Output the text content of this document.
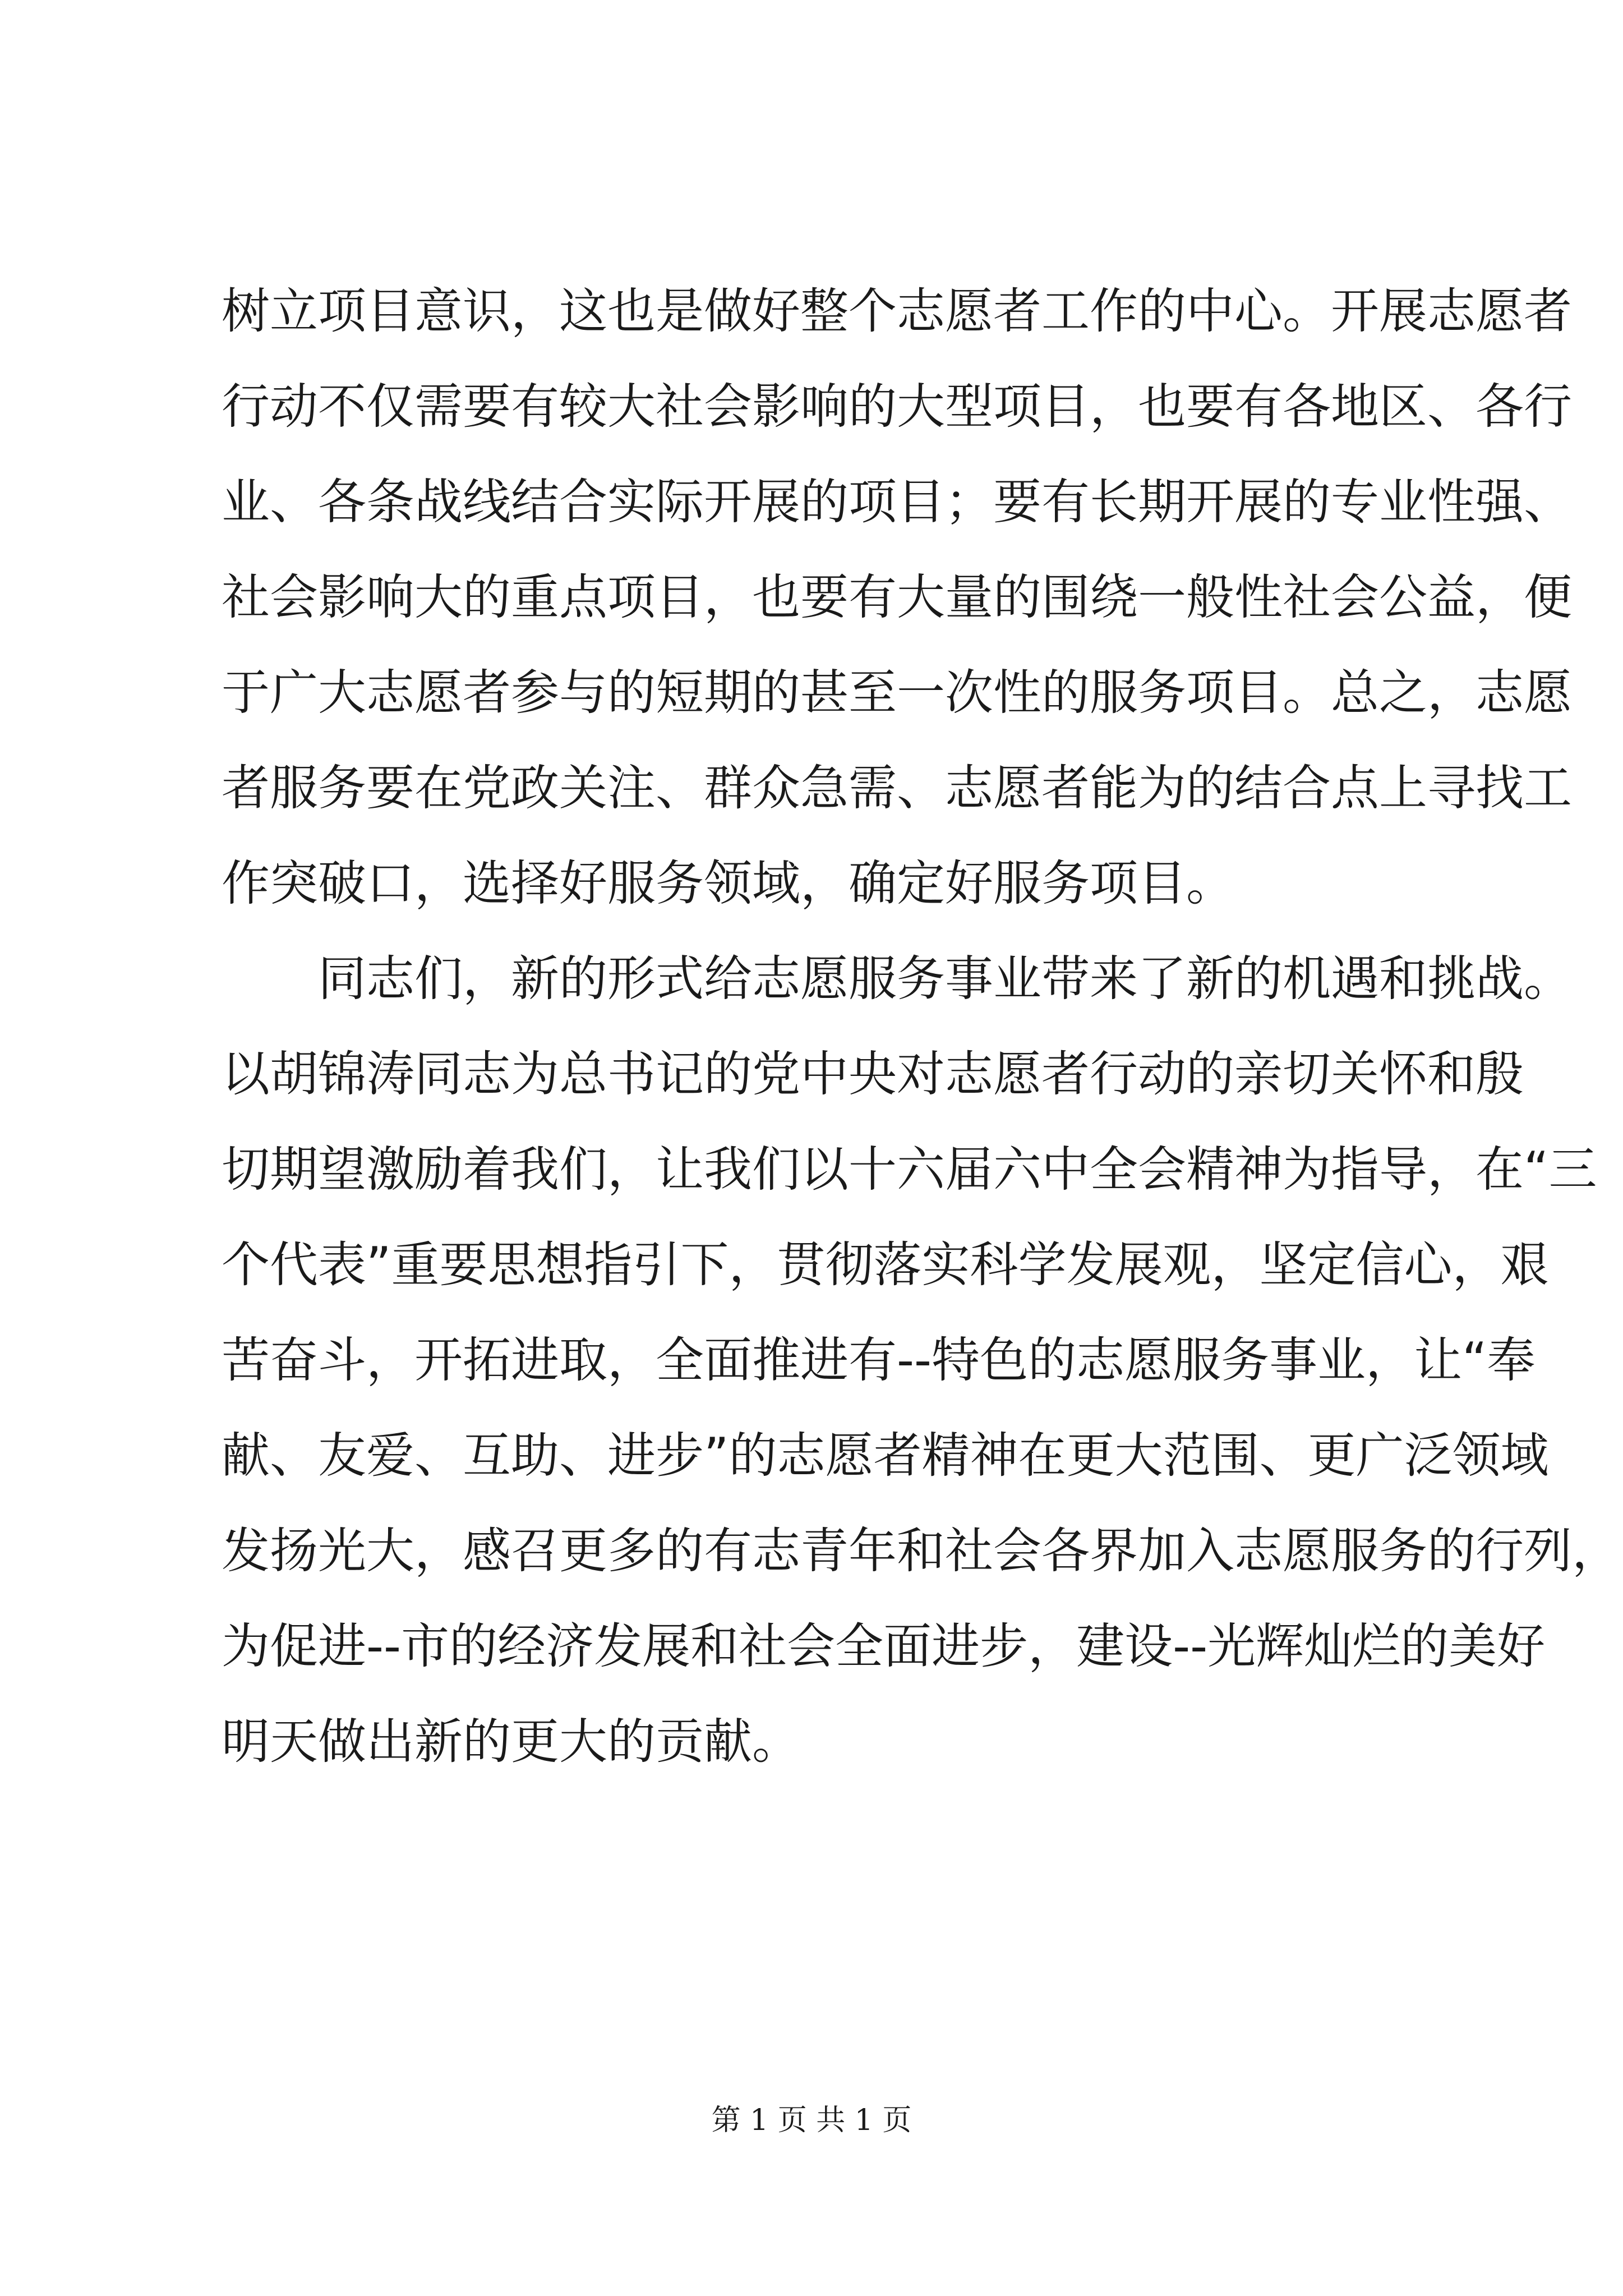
树立项目意识，这也是做好整个志愿者工作的中心。开展志愿者
行动不仅需要有较大社会影响的大型项目，也要有各地区、各行
业、各条战线结合实际开展的项目；要有长期开展的专业性强、
社会影响大的重点项目，也要有大量的围绕一般性社会公益，便
于广大志愿者参与的短期的甚至一次性的服务项目。总之，志愿
者服务要在党政关注、群众急需、志愿者能为的结合点上寻找工
作突破口，选择好服务领域，确定好服务项目。
同志们，新的形式给志愿服务事业带来了新的机遇和挑战。
以胡锦涛同志为总书记的党中央对志愿者行动的亲切关怀和殷
切期望激励着我们，让我们以十六届六中全会精神为指导，在“三
个代表”重要思想指引下，贯彻落实科学发展观，坚定信心，艰
苦奋斗，开拓进取，全面推进有--特色的志愿服务事业，让“奉
献、友爱、互助、进步”的志愿者精神在更大范围、更广泛领域
发扬光大，感召更多的有志青年和社会各界加入志愿服务的行列，
为促进--市的经济发展和社会全面进步，建设--光辉灿烂的美好
明天做出新的更大的贡献。
第 1 页 共 1 页
